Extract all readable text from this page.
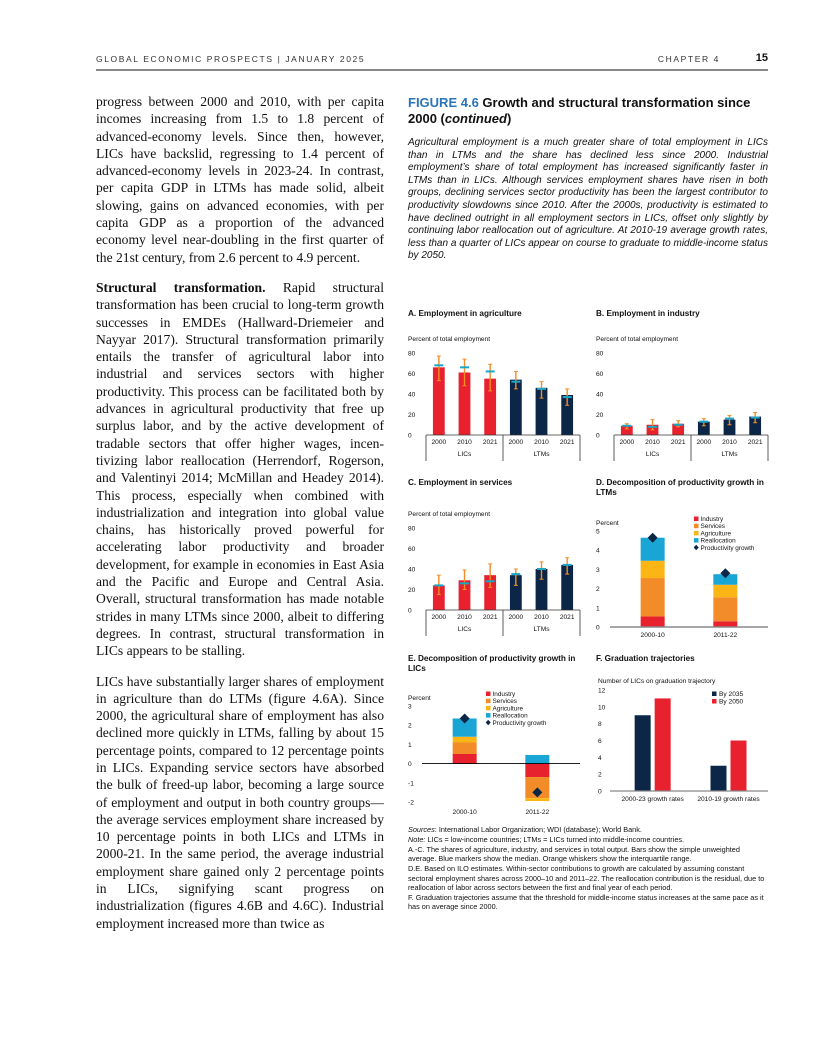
GLOBAL ECONOMIC PROSPECTS | JANUARY 2025	CHAPTER 4	15

progress between 2000 and 2010, with per capita incomes increasing from 1.5 to 1.8 percent of advanced-economy levels. Since then, however, LICs have backslid, regressing to 1.4 percent of advanced-economy levels in 2023-24. In contrast, per capita GDP in LTMs has made solid, albeit slowing, gains on advanced economies, with per capita GDP as a proportion of the advanced economy level near-doubling in the first quarter of the 21st century, from 2.6 percent to 4.9 percent.

Structural transformation. Rapid structural transformation has been crucial to long-term growth successes in EMDEs (Hallward-Driemeier and Nayyar 2017). Structural transformation primarily entails the transfer of agricultural labor into industrial and services sectors with higher productivity. This process can be facilitated both by advances in agricultural productivity that free up surplus labor, and by the active development of tradable sectors that offer higher wages, incentivizing labor reallocation (Herrendorf, Rogerson, and Valentinyi 2014; McMillan and Headey 2014). This process, especially when combined with industrialization and integration into global value chains, has historically proved powerful for accelerating labor productivity and broader development, for example in economies in East Asia and the Pacific and Europe and Central Asia. Overall, structural transformation has made notable strides in many LTMs since 2000, albeit to differing degrees. In contrast, structural transformation in LICs appears to be stalling.

LICs have substantially larger shares of employment in agriculture than do LTMs (figure 4.6A). Since 2000, the agricultural share of employment has also declined more quickly in LTMs, falling by about 15 percentage points, compared to 12 percentage points in LICs. Expanding service sectors have absorbed the bulk of freed-up labor, becoming a large source of employment and output in both country groups—the average services employment share increased by 10 percentage points in both LICs and LTMs in 2000-21. In the same period, the average industrial employment share gained only 2 percentage points in LICs, signifying scant progress on industrialization (figures 4.6B and 4.6C). Industrial employment increased more than twice as

FIGURE 4.6 Growth and structural transformation since 2000 (continued)
Agricultural employment is a much greater share of total employment in LICs than in LTMs and the share has declined less since 2000. Industrial employment’s share of total employment has increased significantly faster in LTMs than in LICs. Although services employment shares have risen in both groups, declining services sector productivity has been the largest contributor to productivity slowdowns since 2010. After the 2000s, productivity is estimated to have declined outright in all employment sectors in LICs, offset only slightly by continuing labor reallocation out of agriculture. At 2010-19 average growth rates, less than a quarter of LICs appear on course to graduate to middle-income status by 2050.
A. Employment in agriculture
Percent of total employment
0
20
40
60
80
2000 2010 2021 2000 2010 2021
LICs	LTMs
B. Employment in industry
Percent of total employment
0
20
40
60
80
2000 2010 2021 2000 2010 2021
LICs	LTMs
C. Employment in services
Percent of total employment
0
20
40
60
80
2000 2010 2021 2000 2010 2021
LICs	LTMs
D. Decomposition of productivity growth in LTMs
Percent
0
1
2
3
4
5
2000-10	2011-22
Industry
Services
Agriculture
Reallocation
Productivity growth
E. Decomposition of productivity growth in LICs
Percent
-2
-1
0
1
2
3
2000-10	2011-22
Industry
Services
Agriculture
Reallocation
Productivity growth
F. Graduation trajectories
Number of LICs on graduation trajectory
0
2
4
6
8
10
12
2000-23 growth rates 2010-19 growth rates
By 2035
By 2050

Sources: International Labor Organization; WDI (database); World Bank.

Note: LICs = low-income countries; LTMs = LICs turned into middle-income countries.

A.-C. The shares of agriculture, industry, and services in total output. Bars show the simple unweighted average. Blue markers show the median. Orange whiskers show the interquartile range.

D.E. Based on ILO estimates. Within-sector contributions to growth are calculated by assuming constant sectoral employment shares across 2000–10 and 2011–22. The reallocation contribution is the residual, due to reallocation of labor across sectors between the first and final year of each period.

F. Graduation trajectories assume that the threshold for middle-income status increases at the same pace as it has on average since 2000.
